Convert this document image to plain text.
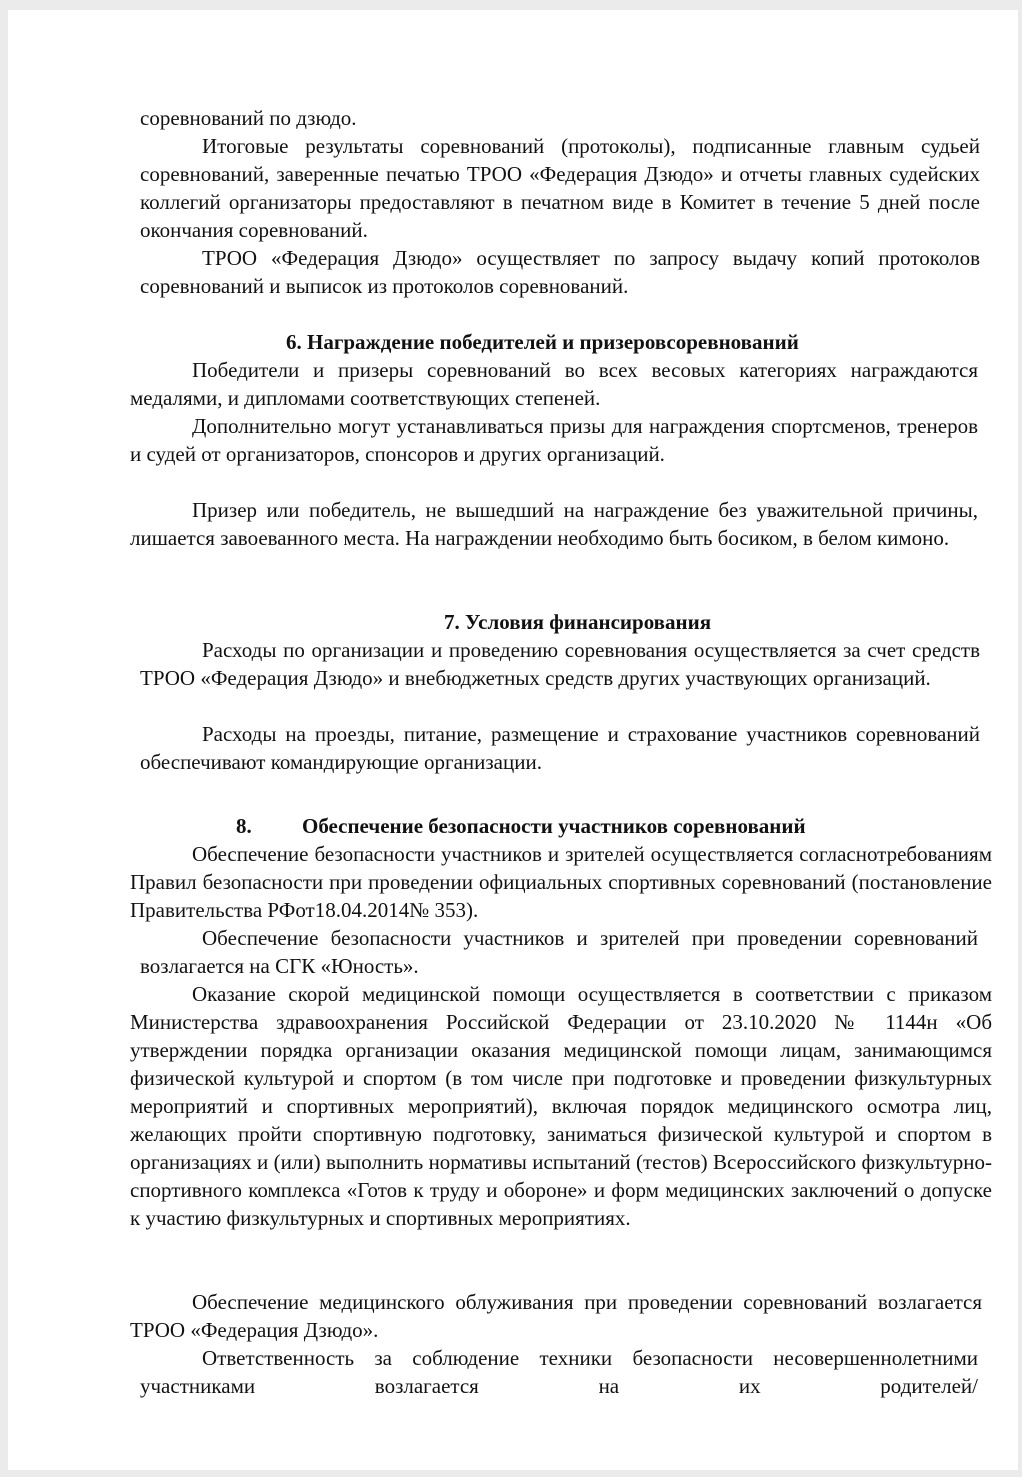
соревнований по дзюдо.

Итоговые результаты соревнований (протоколы), подписанные главным судьей соревнований, заверенные печатью ТРОО «Федерация Дзюдо» и отчеты главных судейских коллегий организаторы предоставляют в печатном виде в Комитет в течение 5 дней после окончания соревнований.

ТРОО «Федерация Дзюдо» осуществляет по запросу выдачу копий протоколов соревнований и выписок из протоколов соревнований.

6. Награждение победителей и призеровсоревнований

Победители и призеры соревнований во всех весовых категориях награждаются медалями, и дипломами соответствующих степеней.

Дополнительно могут устанавливаться призы для награждения спортсменов, тренеров и судей от организаторов, спонсоров и других организаций.

Призер или победитель, не вышедший на награждение без уважительной причины, лишается завоеванного места. На награждении необходимо быть босиком, в белом кимоно.

7. Условия финансирования

Расходы по организации и проведению соревнования осуществляется за счет средств ТРОО «Федерация Дзюдо» и внебюджетных средств других участвующих организаций.

Расходы на проезды, питание, размещение и страхование участников соревнований обеспечивают командирующие организации.

8. Обеспечение безопасности участников соревнований

Обеспечение безопасности участников и зрителей осуществляется согласнотребованиям Правил безопасности при проведении официальных спортивных соревнований (постановление Правительства РФот18.04.2014№ 353).

Обеспечение безопасности участников и зрителей при проведении соревнований возлагается на СГК «Юность».

Оказание скорой медицинской помощи осуществляется в соответствии с приказом Министерства здравоохранения Российской Федерации от 23.10.2020 № 1144н «Об утверждении порядка организации оказания медицинской помощи лицам, занимающимся физической культурой и спортом (в том числе при подготовке и проведении физкультурных мероприятий и спортивных мероприятий), включая порядок медицинского осмотра лиц, желающих пройти спортивную подготовку, заниматься физической культурой и спортом в организациях и (или) выполнить нормативы испытаний (тестов) Всероссийского физкультурно-спортивного комплекса «Готов к труду и обороне» и форм медицинских заключений о допуске к участию физкультурных и спортивных мероприятиях.

Обеспечение медицинского облуживания при проведении соревнований возлагается ТРОО «Федерация Дзюдо».

Ответственность за соблюдение техники безопасности несовершеннолетними участниками возлагается на их родителей/
